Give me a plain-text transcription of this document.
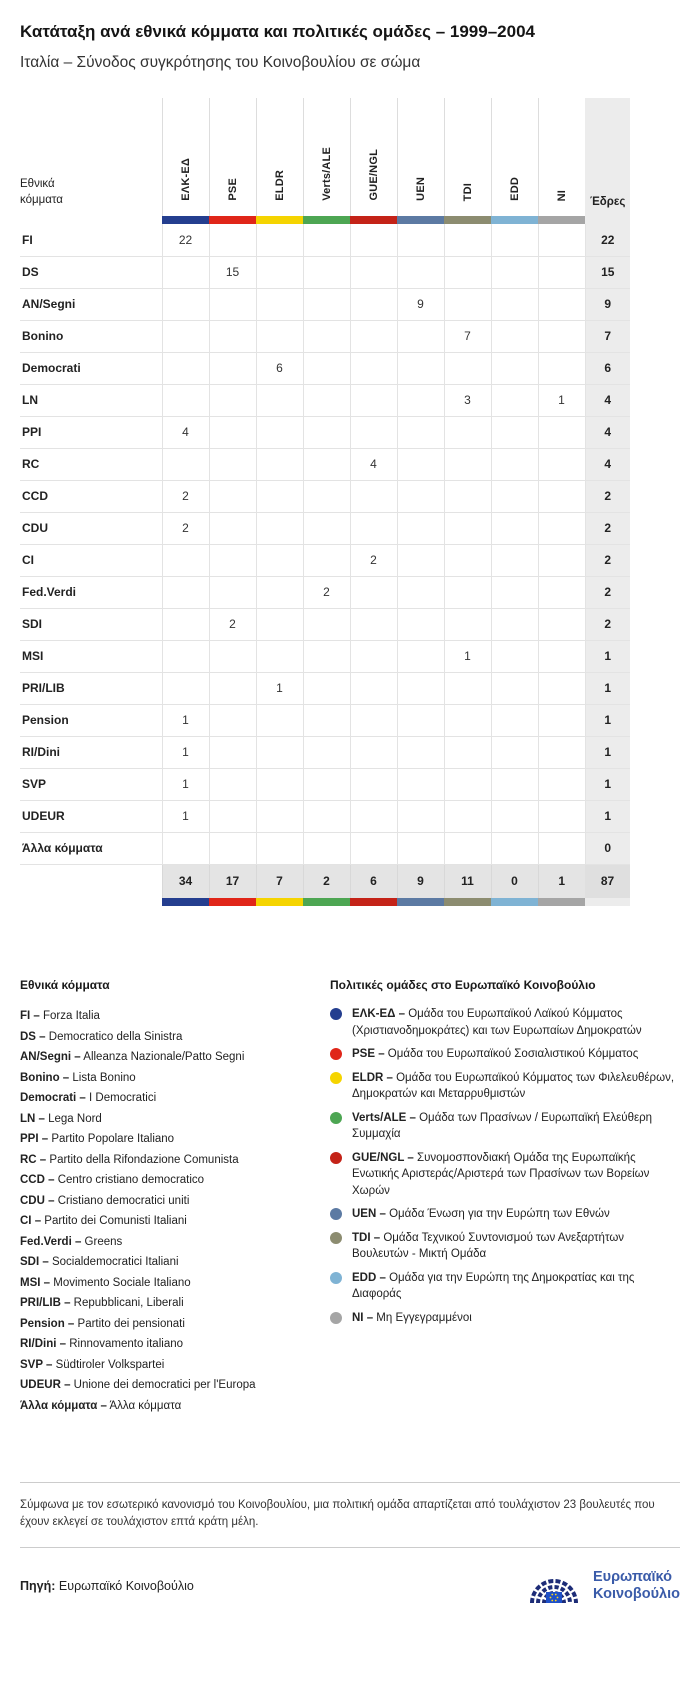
Κατάταξη ανά εθνικά κόμματα και πολιτικές ομάδες – 1999–2004
Ιταλία – Σύνοδος συγκρότησης του Κοινοβουλίου σε σώμα
Εθνικά κόμματα	ΕΛΚ-ΕΔ	PSE	ELDR	Verts/ALE	GUE/NGL	UEN	TDI	EDD	NI	Έδρες

FI	22									22
DS		15								15
AN/Segni						9				9
Bonino							7			7
Democrati			6							6
LN							3		1	4
PPI	4									4
RC					4					4
CCD	2									2
CDU	2									2
CI					2					2
Fed.Verdi				2						2
SDI		2								2
MSI							1			1
PRI/LIB			1							1
Pension	1									1
RI/Dini	1									1
SVP	1									1
UDEUR	1									1
Άλλα κόμματα										0
	34	17	7	2	6	9	11	0	1	87

Εθνικά κόμματα
FI – Forza Italia
DS – Democratico della Sinistra
AN/Segni – Alleanza Nazionale/Patto Segni
Bonino – Lista Bonino
Democrati – I Democratici
LN – Lega Nord
PPI – Partito Popolare Italiano
RC – Partito della Rifondazione Comunista
CCD – Centro cristiano democratico
CDU – Cristiano democratici uniti
CI – Partito dei Comunisti Italiani
Fed.Verdi – Greens
SDI – Socialdemocratici Italiani
MSI – Movimento Sociale Italiano
PRI/LIB – Repubblicani, Liberali
Pension – Partito dei pensionati
RI/Dini – Rinnovamento italiano
SVP – Südtiroler Volkspartei
UDEUR – Unione dei democratici per l'Europa
Άλλα κόμματα – Άλλα κόμματα
Πολιτικές ομάδες στο Ευρωπαϊκό Κοινοβούλιο
ΕΛΚ-ΕΔ – Ομάδα του Ευρωπαϊκού Λαϊκού Κόμματος (Χριστιανοδημοκράτες) και των Ευρωπαίων Δημοκρατών
PSE – Ομάδα του Ευρωπαϊκού Σοσιαλιστικού Κόμματος
ELDR – Ομάδα του Ευρωπαϊκού Κόμματος των Φιλελευθέρων, Δημοκρατών και Μεταρρυθμιστών
Verts/ALE – Ομάδα των Πρασίνων / Ευρωπαϊκή Ελεύθερη Συμμαχία
GUE/NGL – Συνομοσπονδιακή Ομάδα της Ευρωπαϊκής Ενωτικής Αριστεράς/Αριστερά των Πρασίνων των Βορείων Χωρών
UEN – Ομάδα Ένωση για την Ευρώπη των Εθνών
TDI – Ομάδα Τεχνικού Συντονισμού των Ανεξαρτήτων Βουλευτών - Μικτή Ομάδα
EDD – Ομάδα για την Ευρώπη της Δημοκρατίας και της Διαφοράς
NI – Μη Εγγεγραμμένοι

Σύμφωνα με τον εσωτερικό κανονισμό του Κοινοβουλίου, μια πολιτική ομάδα απαρτίζεται από τουλάχιστον 23 βουλευτές που έχουν εκλεγεί σε τουλάχιστον επτά κράτη μέλη.

Πηγή: Ευρωπαϊκό Κοινοβούλιο
Ευρωπαϊκό
Κοινοβούλιο
